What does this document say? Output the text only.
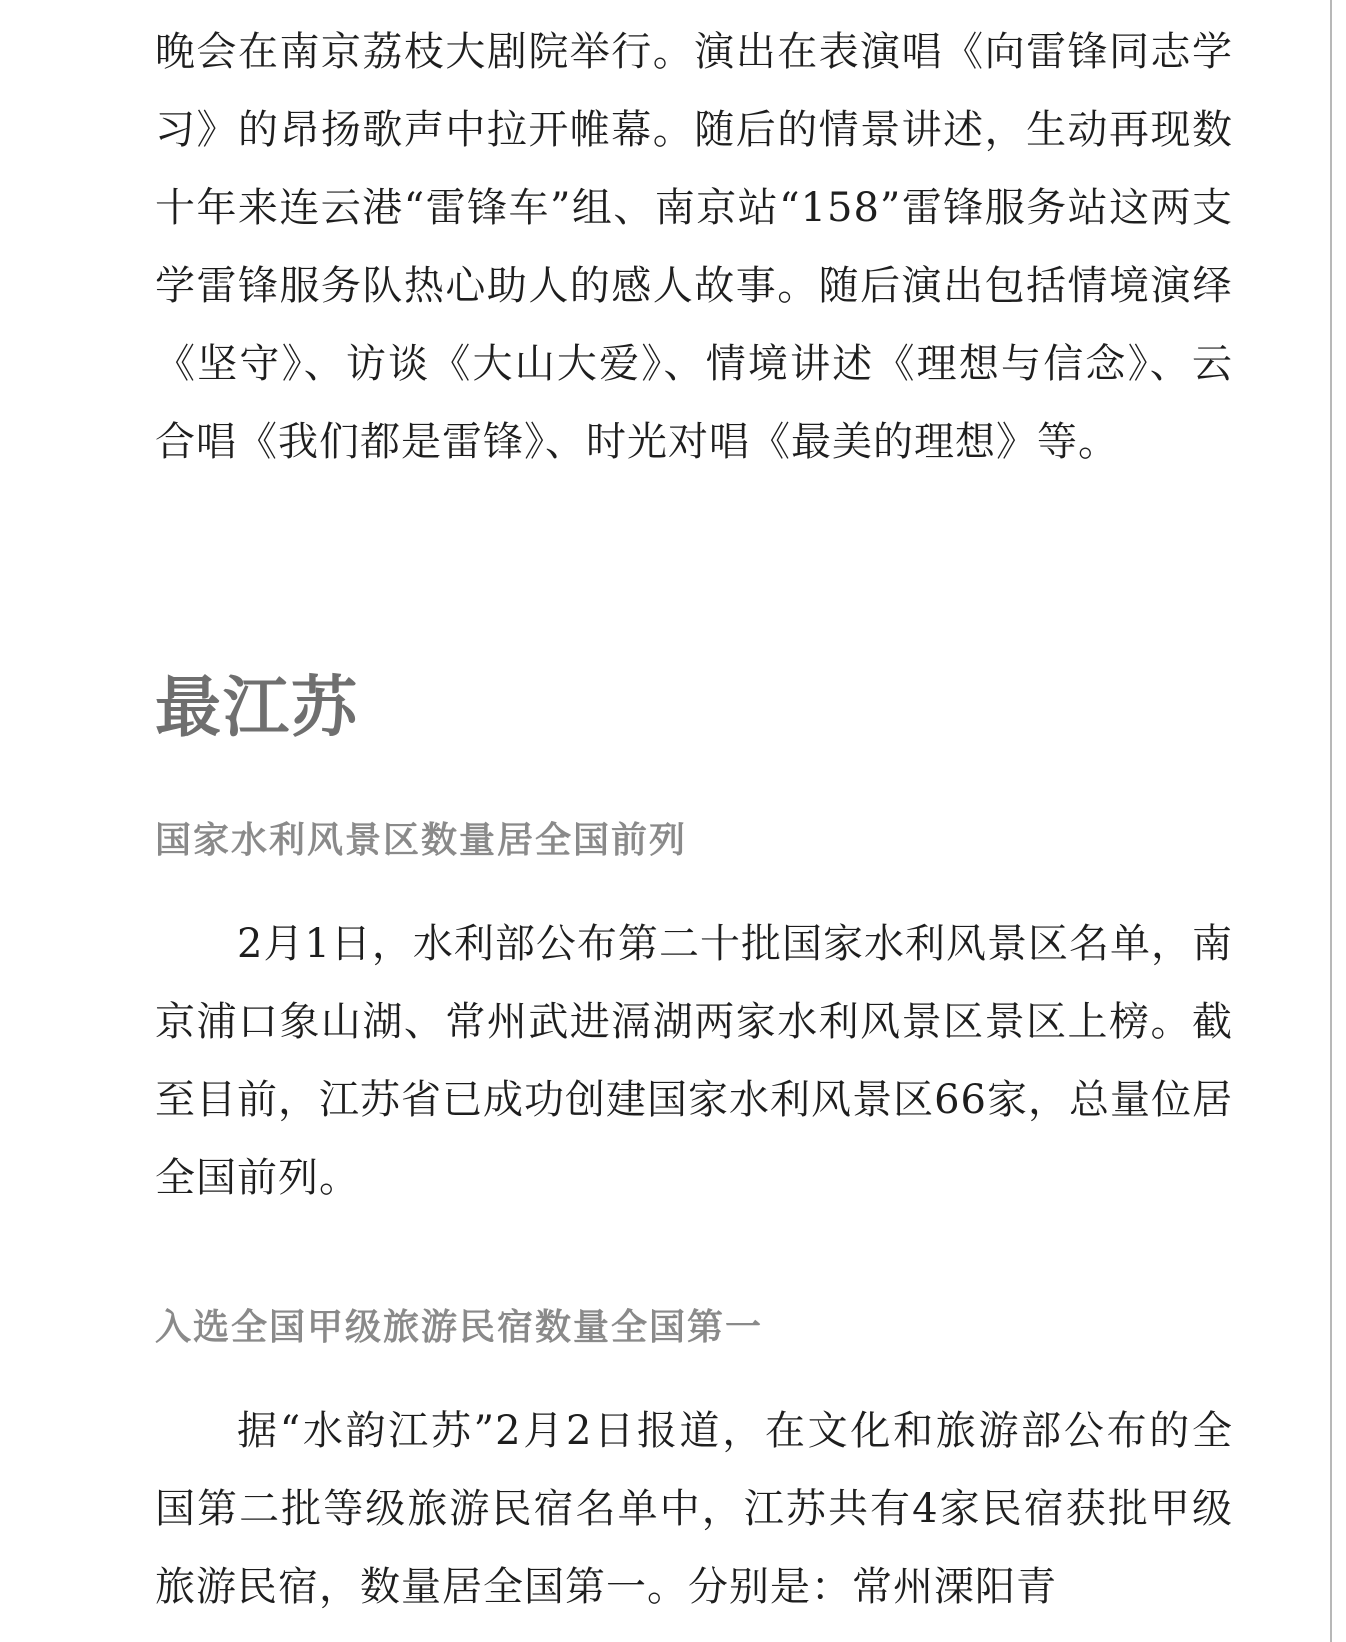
晚会在南京荔枝大剧院举行。演出在表演唱《向雷锋同志学习》的昂扬歌声中拉开帷幕。随后的情景讲述，生动再现数十年来连云港“雷锋车”组、南京站“158”雷锋服务站这两支学雷锋服务队热心助人的感人故事。随后演出包括情境演绎《坚守》、访谈《大山大爱》、情境讲述《理想与信念》、云合唱《我们都是雷锋》、时光对唱《最美的理想》等。

最江苏
国家水利风景区数量居全国前列

2月1日，水利部公布第二十批国家水利风景区名单，南京浦口象山湖、常州武进滆湖两家水利风景区景区上榜。截至目前，江苏省已成功创建国家水利风景区66家，总量位居全国前列。

入选全国甲级旅游民宿数量全国第一

据“水韵江苏”2月2日报道，在文化和旅游部公布的全国第二批等级旅游民宿名单中，江苏共有4家民宿获批甲级旅游民宿，数量居全国第一。分别是：常州溧阳青
